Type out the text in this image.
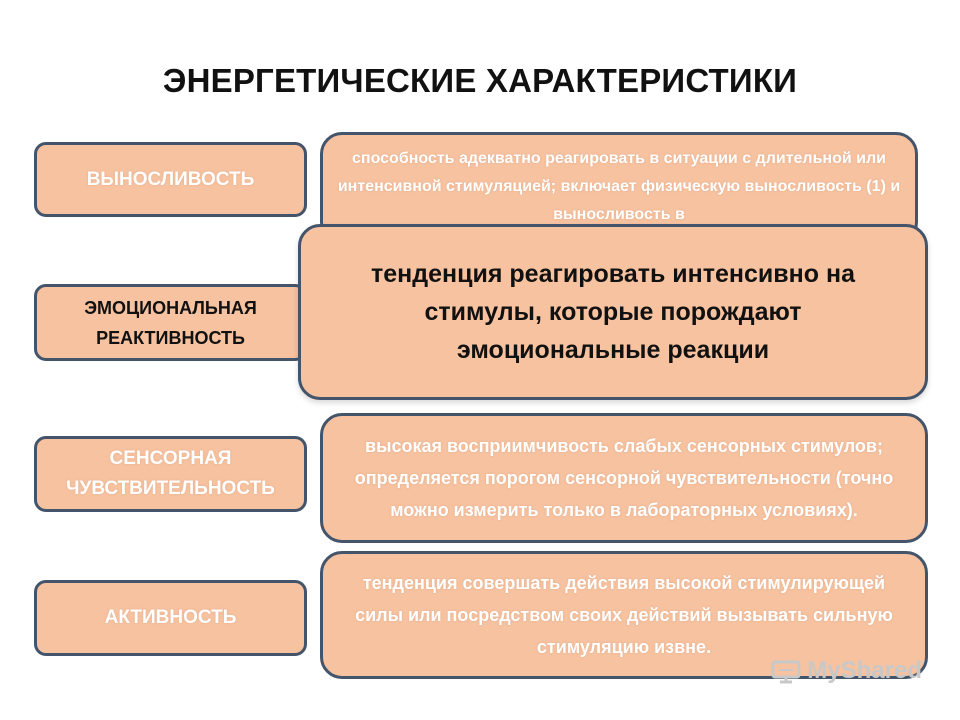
ЭНЕРГЕТИЧЕСКИЕ ХАРАКТЕРИСТИКИ
ВЫНОСЛИВОСТЬ
способность адекватно реагировать в ситуации с длительной или интенсивной стимуляцией; включает физическую выносливость (1) и выносливость в
ЭМОЦИОНАЛЬНАЯ РЕАКТИВНОСТЬ
тенденция реагировать интенсивно на стимулы, которые порождают эмоциональные реакции
СЕНСОРНАЯ ЧУВСТВИТЕЛЬНОСТЬ
высокая восприимчивость слабых сенсорных стимулов; определяется порогом сенсорной чувствительности (точно можно измерить только в лабораторных условиях).
АКТИВНОСТЬ
тенденция совершать действия высокой стимулирующей силы или посредством своих действий вызывать сильную стимуляцию извне.
MyShared
